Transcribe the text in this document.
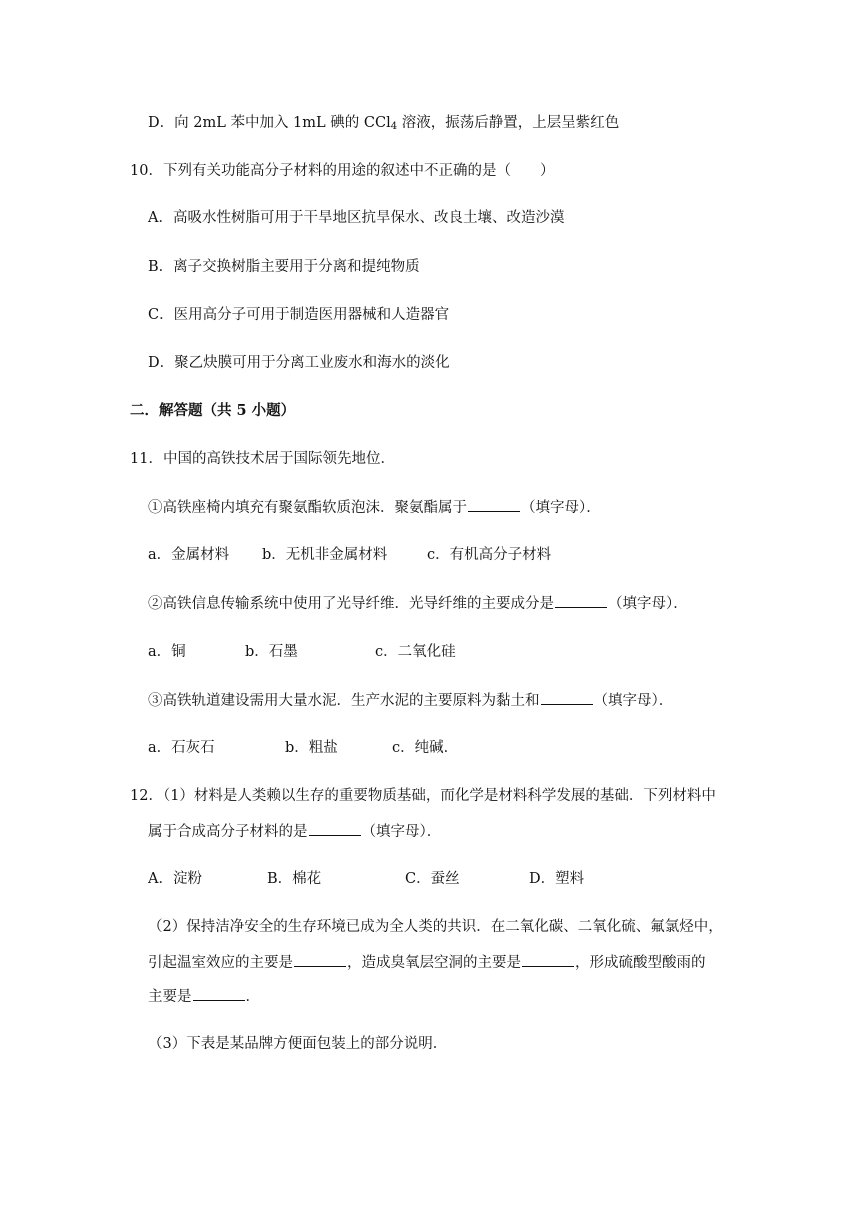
D．向 2mL 苯中加入 1mL 碘的 CCl$_4$ 溶液，振荡后静置，上层呈紫红色
10．下列有关功能高分子材料的用途的叙述中不正确的是（　　）
A．高吸水性树脂可用于干旱地区抗旱保水、改良土壤、改造沙漠
B．离子交换树脂主要用于分离和提纯物质
C．医用高分子可用于制造医用器械和人造器官
D．聚乙炔膜可用于分离工业废水和海水的淡化
二．解答题（共 5 小题）
11．中国的高铁技术居于国际领先地位．
①高铁座椅内填充有聚氨酯软质泡沫．聚氨酯属于	（填字母）．
a．金属材料 b．无机非金属材料	c．有机高分子材料
②高铁信息传输系统中使用了光导纤维．光导纤维的主要成分是	（填字母）．
a．铜	b．石墨	c．二氧化硅
③高铁轨道建设需用大量水泥．生产水泥的主要原料为黏土和	（填字母）．
a．石灰石	b．粗盐	c．纯碱．
12．（1）材料是人类赖以生存的重要物质基础，而化学是材料科学发展的基础．下列材料中
属于合成高分子材料的是	（填字母）．
A．淀粉	B．棉花	C．蚕丝	D．塑料
（2）保持洁净安全的生存环境已成为全人类的共识．在二氧化碳、二氧化硫、氟氯烃中，
引起温室效应的主要是	，造成臭氧层空洞的主要是	，形成硫酸型酸雨的
主要是	．
（3）下表是某品牌方便面包装上的部分说明．
